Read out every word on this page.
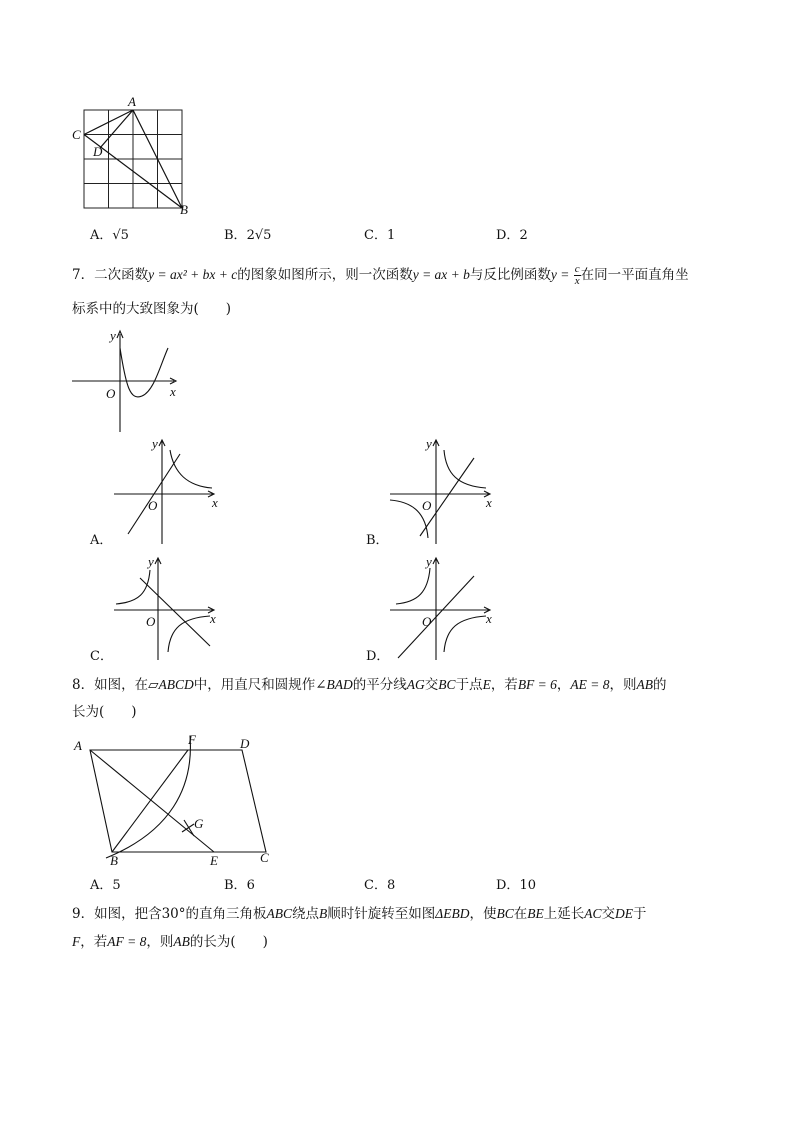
A
B
C
D
A．√5	B．2√5	C．1	D．2
7．二次函数y = ax² + bx + c的图象如图所示，则一次函数y = ax + b与反比例函数$y = \frac{c}{x}$ 在同一平面直角坐
标系中的大致图象为(　　)
y
x
O
y
x
O
A．
y
x
O
B．
y
x
O
C．
y
x
O
D．
8．如图，在▱ABCD中，用直尺和圆规作∠BAD的平分线AG交BC于点E，若BF = 6，AE = 8，则AB的
长为(　　)
A	F	D
G
B	E	C
A．5	B．6	C．8	D．10
9．如图，把含30°的直角三角板ABC绕点B顺时针旋转至如图ΔEBD，使BC在BE上延长AC交DE于
F，若AF = 8，则AB的长为(　　)
